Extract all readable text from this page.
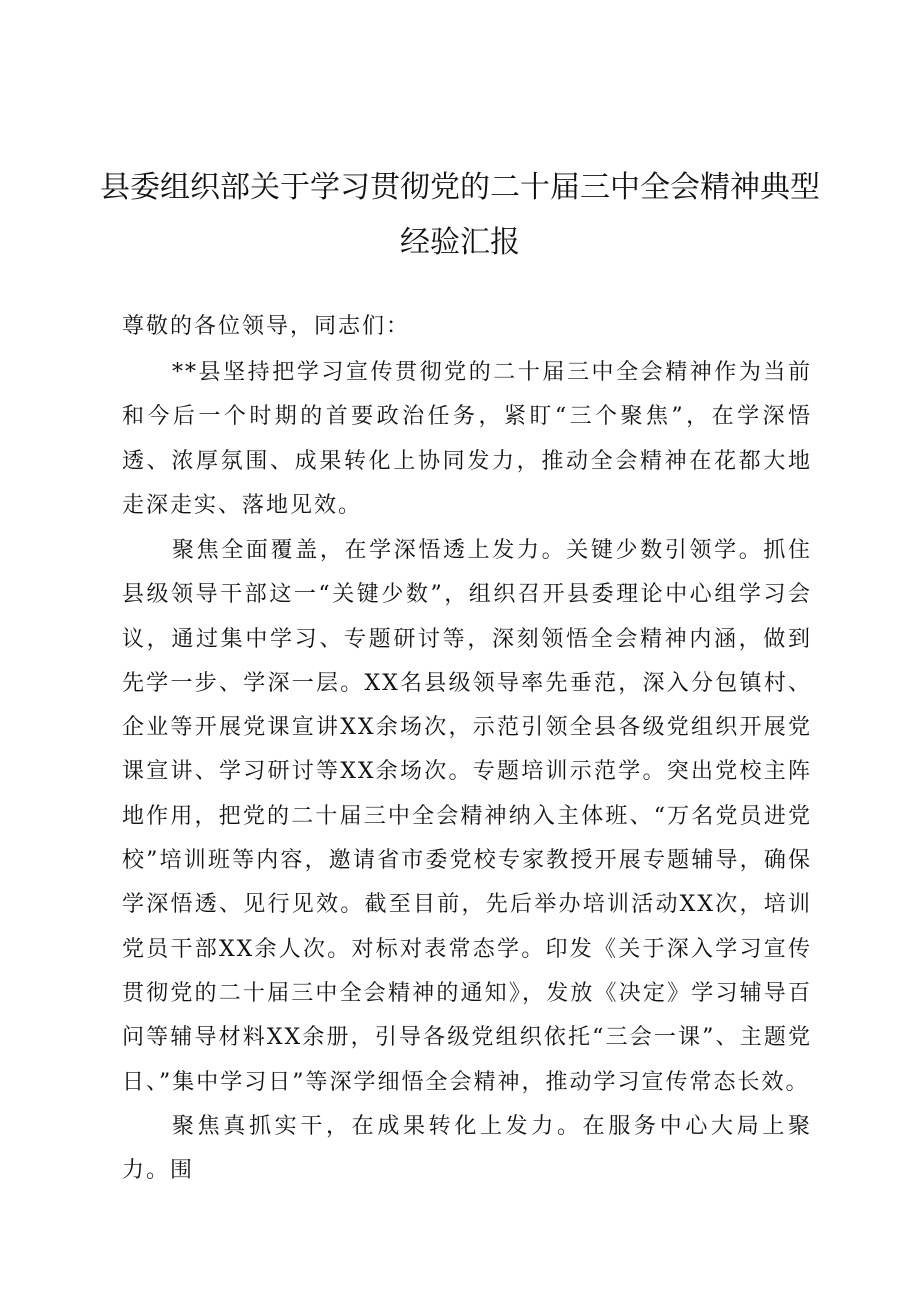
县委组织部关于学习贯彻党的二十届三中全会精神典型
经验汇报

尊敬的各位领导，同志们：

**县坚持把学习宣传贯彻党的二十届三中全会精神作为当前和今后一个时期的首要政治任务，紧盯“三个聚焦”，在学深悟透、浓厚氛围、成果转化上协同发力，推动全会精神在花都大地走深走实、落地见效。

聚焦全面覆盖，在学深悟透上发力。关键少数引领学。抓住县级领导干部这一“关键少数”，组织召开县委理论中心组学习会议，通过集中学习、专题研讨等，深刻领悟全会精神内涵，做到先学一步、学深一层。XX名县级领导率先垂范，深入分包镇村、企业等开展党课宣讲XX余场次，示范引领全县各级党组织开展党课宣讲、学习研讨等XX余场次。专题培训示范学。突出党校主阵地作用，把党的二十届三中全会精神纳入主体班、“万名党员进党校”培训班等内容，邀请省市委党校专家教授开展专题辅导，确保学深悟透、见行见效。截至目前，先后举办培训活动XX次，培训党员干部XX余人次。对标对表常态学。印发《关于深入学习宣传贯彻党的二十届三中全会精神的通知》，发放《决定》学习辅导百问等辅导材料XX余册，引导各级党组织依托“三会一课”、主题党日、”集中学习日”等深学细悟全会精神，推动学习宣传常态长效。

聚焦真抓实干，在成果转化上发力。在服务中心大局上聚力。围
